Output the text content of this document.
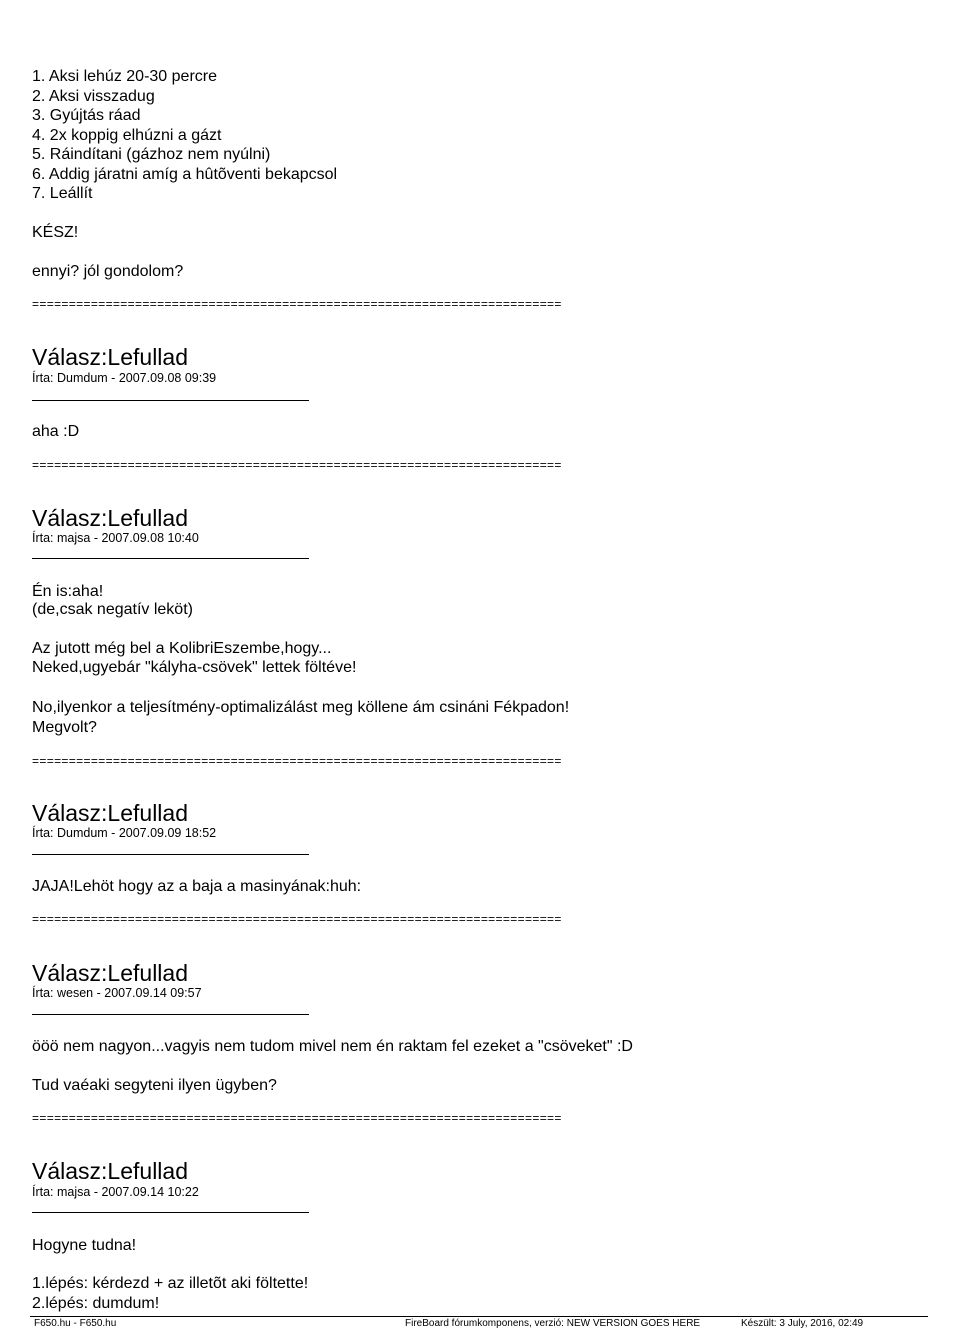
1. Aksi lehúz 20-30 percre
2. Aksi visszadug
3. Gyújtás ráad
4. 2x koppig elhúzni a gázt
5. Ráindítani (gázhoz nem nyúlni)
6. Addig járatni amíg a hûtõventi bekapcsol
7. Leállít
KÉSZ!
ennyi? jól gondolom?
========================================================================
Válasz:Lefullad
Írta: Dumdum - 2007.09.08 09:39
aha :D
========================================================================
Válasz:Lefullad
Írta: majsa - 2007.09.08 10:40
Én is:aha!
(de,csak negatív leköt)
Az jutott még bel a KolibriEszembe,hogy...
Neked,ugyebár "kályha-csövek" lettek föltéve!
No,ilyenkor a teljesítmény-optimalizálást meg köllene ám csináni Fékpadon!
Megvolt?
========================================================================
Válasz:Lefullad
Írta: Dumdum - 2007.09.09 18:52
JAJA!Lehöt hogy az a baja a masinyának:huh:
========================================================================
Válasz:Lefullad
Írta: wesen - 2007.09.14 09:57
ööö nem nagyon...vagyis nem tudom mivel nem én raktam fel ezeket a "csöveket" :D
Tud vaéaki segyteni ilyen ügyben?
========================================================================
Válasz:Lefullad
Írta: majsa - 2007.09.14 10:22
Hogyne tudna!
1.lépés: kérdezd + az illetõt aki föltette!
2.lépés: dumdum!
F650.hu - F650.hu	FireBoard fórumkomponens, verzió: NEW VERSION GOES HERE	Készült: 3 July, 2016, 02:49
